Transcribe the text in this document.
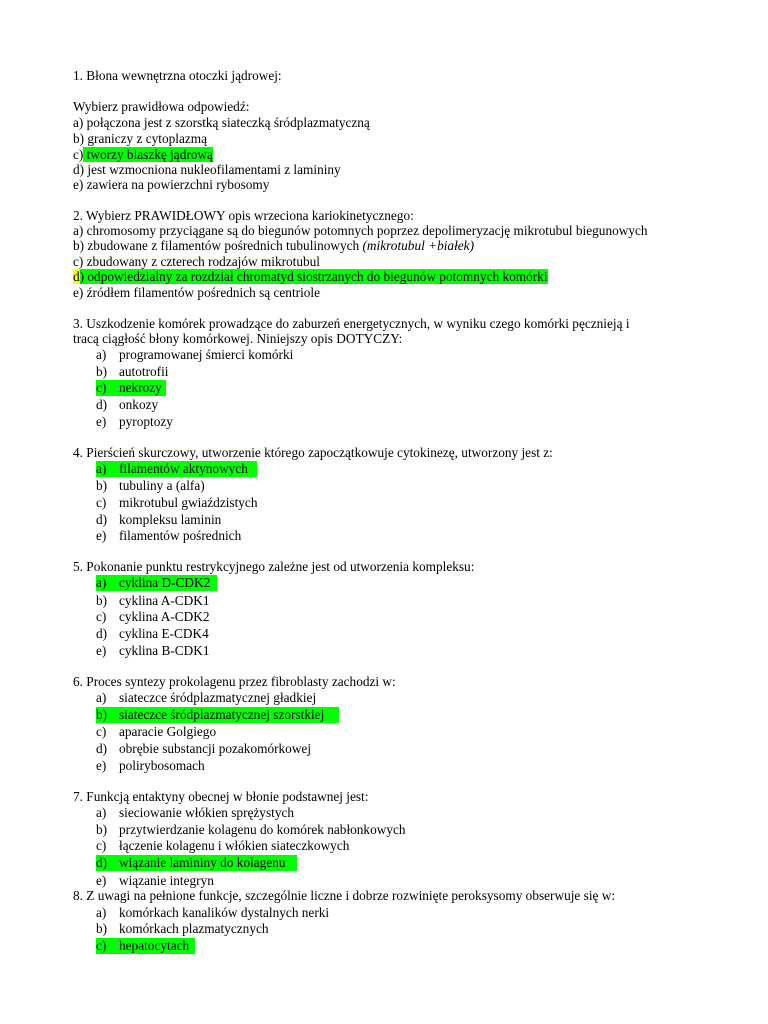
1. Błona wewnętrzna otoczki jądrowej:
Wybierz prawidłowa odpowiedź:
a) połączona jest z szorstką siateczką śródplazmatyczną
b) graniczy z cytoplazmą
c) tworzy blaszkę jądrową
d) jest wzmocniona nukleofilamentami z lamininy
e) zawiera na powierzchni rybosomy
2. Wybierz PRAWIDŁOWY opis wrzeciona kariokinetycznego:
a) chromosomy przyciągane są do biegunów potomnych poprzez depolimeryzację mikrotubul biegunowych
b) zbudowane z filamentów pośrednich tubulinowych (mikrotubul +białek)
c) zbudowany z czterech rodzajów mikrotubul
d) odpowiedzialny za rozdział chromatyd siostrzanych do biegunów potomnych komórki
e) źródłem filamentów pośrednich są centriole
3. Uszkodzenie komórek prowadzące do zaburzeń energetycznych, w wyniku czego komórki pęcznieją i
tracą ciągłość błony komórkowej. Niniejszy opis DOTYCZY:
a) programowanej śmierci komórki
b) autotrofii
c) nekrozy
d) onkozy
e) pyroptozy
4. Pierścień skurczowy, utworzenie którego zapoczątkowuje cytokinezę, utworzony jest z:
a) filamentów aktynowych
b) tubuliny a (alfa)
c) mikrotubul gwiaździstych
d) kompleksu laminin
e) filamentów pośrednich
5. Pokonanie punktu restrykcyjnego zależne jest od utworzenia kompleksu:
a) cyklina D-CDK2
b) cyklina A-CDK1
c) cyklina A-CDK2
d) cyklina E-CDK4
e) cyklina B-CDK1
6. Proces syntezy prokolagenu przez fibroblasty zachodzi w:
a) siateczce śródplazmatycznej gładkiej
b) siateczce śródplazmatycznej szorstkiej
c) aparacie Golgiego
d) obrębie substancji pozakomórkowej
e) polirybosomach
7. Funkcją entaktyny obecnej w błonie podstawnej jest:
a) sieciowanie włókien sprężystych
b) przytwierdzanie kolagenu do komórek nabłonkowych
c) łączenie kolagenu i włókien siateczkowych
d) wiązanie lamininy do kolagenu
e) wiązanie integryn
8. Z uwagi na pełnione funkcje, szczególnie liczne i dobrze rozwinięte peroksysomy obserwuje się w:
a) komórkach kanalików dystalnych nerki
b) komórkach plazmatycznych
c) hepatocytach
